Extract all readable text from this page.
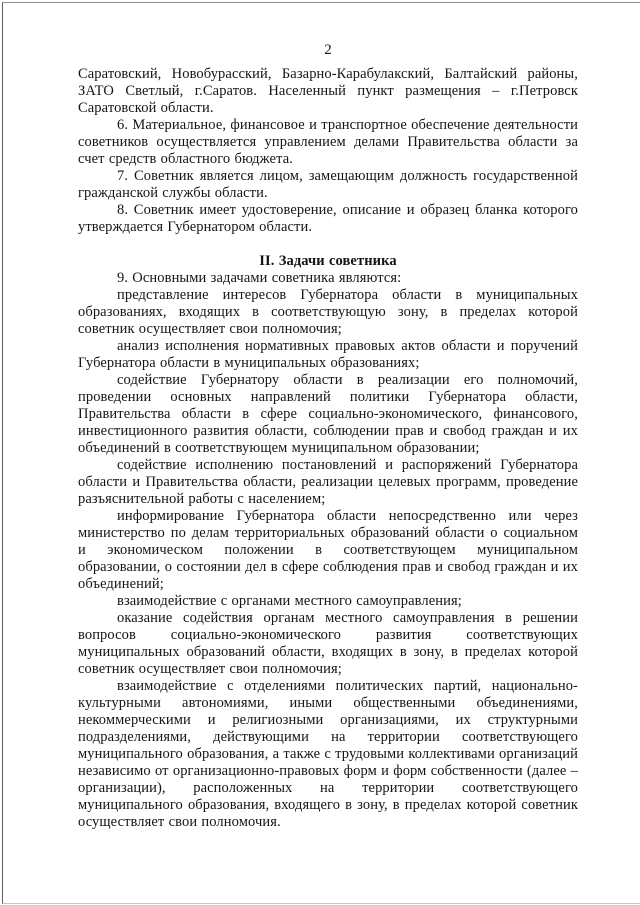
2

Саратовский, Новобурасский, Базарно-Карабулакский, Балтайский районы, ЗАТО Светлый, г.Саратов. Населенный пункт размещения – г.Петровск Саратовской области.

6. Материальное, финансовое и транспортное обеспечение деятельности советников осуществляется управлением делами Правительства области за счет средств областного бюджета.

7. Советник является лицом, замещающим должность государственной гражданской службы области.

8. Советник имеет удостоверение, описание и образец бланка которого утверждается Губернатором области.

II. Задачи советника

9. Основными задачами советника являются:

представление интересов Губернатора области в муниципальных образованиях, входящих в соответствующую зону, в пределах которой советник осуществляет свои полномочия;

анализ исполнения нормативных правовых актов области и поручений Губернатора области в муниципальных образованиях;

содействие Губернатору области в реализации его полномочий, проведении основных направлений политики Губернатора области, Правительства области в сфере социально-экономического, финансового, инвестиционного развития области, соблюдении прав и свобод граждан и их объединений в соответствующем муниципальном образовании;

содействие исполнению постановлений и распоряжений Губернатора области и Правительства области, реализации целевых программ, проведение разъяснительной работы с населением;

информирование Губернатора области непосредственно или через министерство по делам территориальных образований области о социальном и экономическом положении в соответствующем муниципальном образовании, о состоянии дел в сфере соблюдения прав и свобод граждан и их объединений;

взаимодействие с органами местного самоуправления;

оказание содействия органам местного самоуправления в решении вопросов социально-экономического развития соответствующих муниципальных образований области, входящих в зону, в пределах которой советник осуществляет свои полномочия;

взаимодействие с отделениями политических партий, национально-культурными автономиями, иными общественными объединениями, некоммерческими и религиозными организациями, их структурными подразделениями, действующими на территории соответствующего муниципального образования, а также с трудовыми коллективами организаций независимо от организационно-правовых форм и форм собственности (далее – организации), расположенных на территории соответствующего муниципального образования, входящего в зону, в пределах которой советник осуществляет свои полномочия.
